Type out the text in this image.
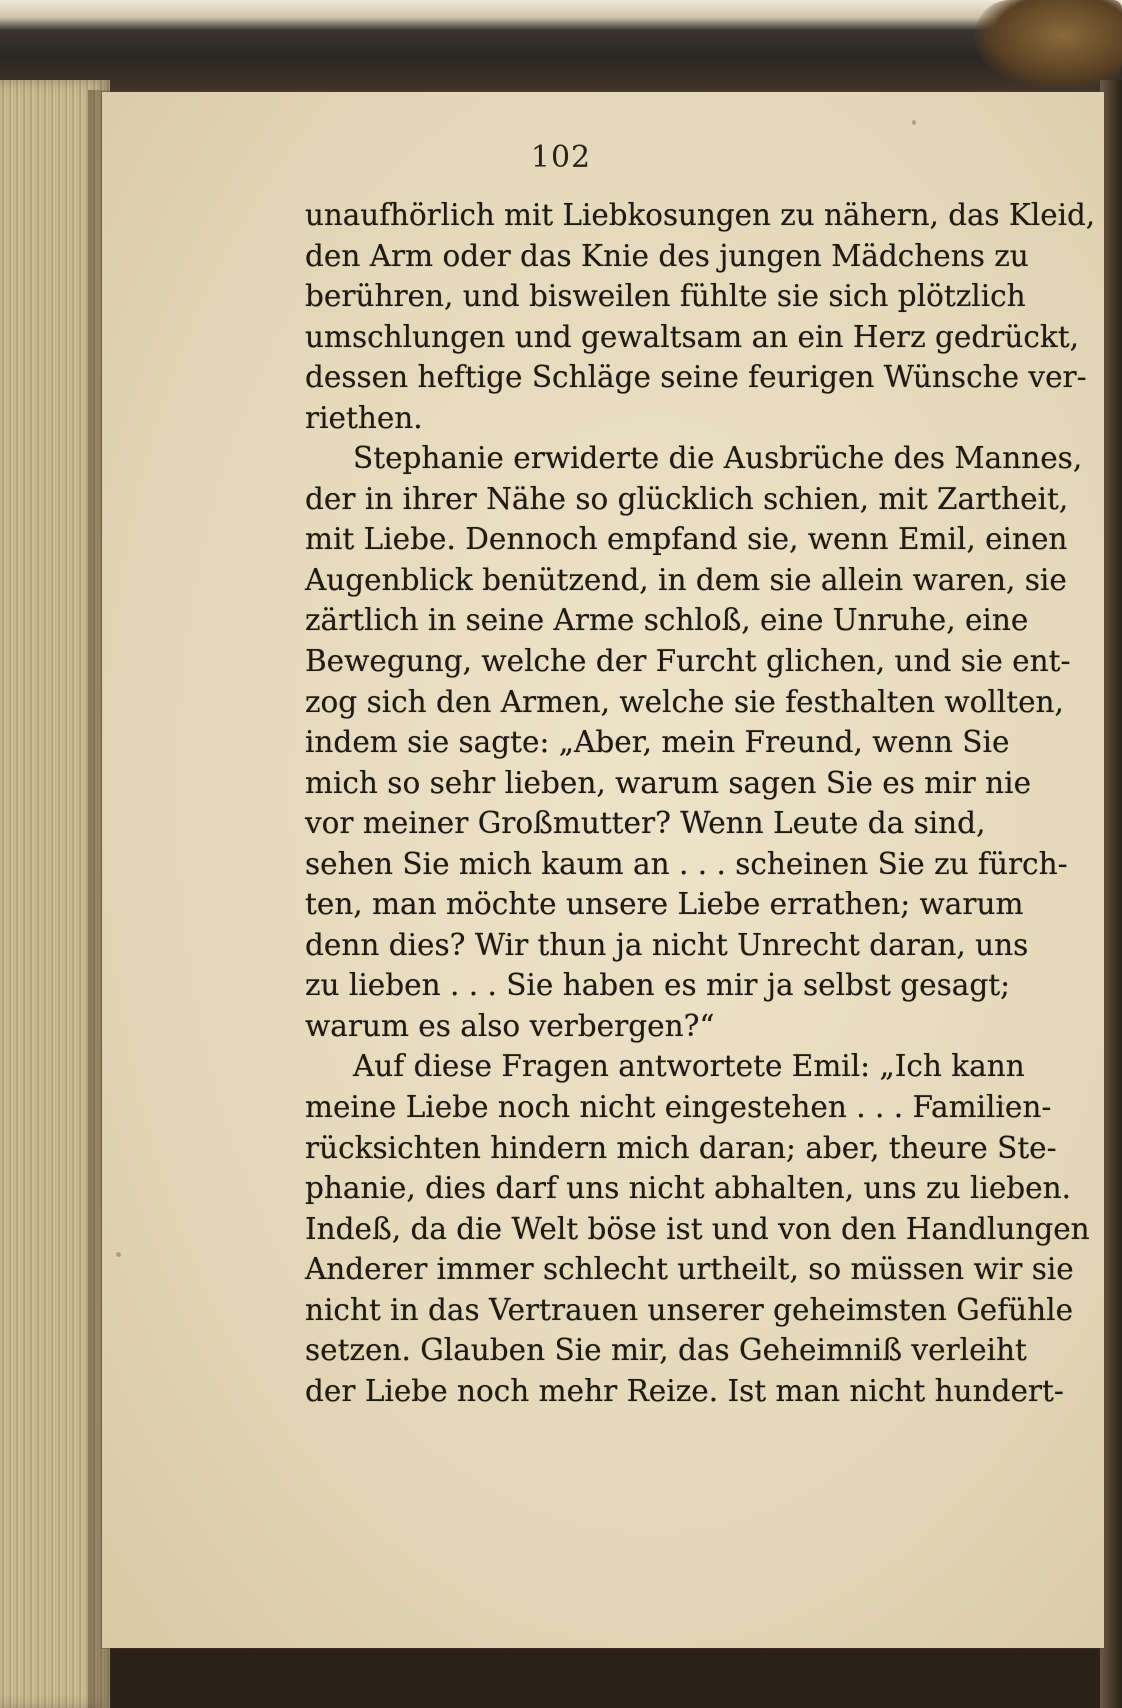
102
unaufhörlich mit Liebkosungen zu nähern, das Kleid,
den Arm oder das Knie des jungen Mädchens zu
berühren, und bisweilen fühlte sie sich plötzlich
umschlungen und gewaltsam an ein Herz gedrückt,
dessen heftige Schläge seine feurigen Wünsche ver-
riethen.
Stephanie erwiderte die Ausbrüche des Mannes,
der in ihrer Nähe so glücklich schien, mit Zartheit,
mit Liebe. Dennoch empfand sie, wenn Emil, einen
Augenblick benützend, in dem sie allein waren, sie
zärtlich in seine Arme schloß, eine Unruhe, eine
Bewegung, welche der Furcht glichen, und sie ent-
zog sich den Armen, welche sie festhalten wollten,
indem sie sagte: „Aber, mein Freund, wenn Sie
mich so sehr lieben, warum sagen Sie es mir nie
vor meiner Großmutter? Wenn Leute da sind,
sehen Sie mich kaum an . . . scheinen Sie zu fürch-
ten, man möchte unsere Liebe errathen; warum
denn dies? Wir thun ja nicht Unrecht daran, uns
zu lieben . . . Sie haben es mir ja selbst gesagt;
warum es also verbergen?“
Auf diese Fragen antwortete Emil: „Ich kann
meine Liebe noch nicht eingestehen . . . Familien-
rücksichten hindern mich daran; aber, theure Ste-
phanie, dies darf uns nicht abhalten, uns zu lieben.
Indeß, da die Welt böse ist und von den Handlungen
Anderer immer schlecht urtheilt, so müssen wir sie
nicht in das Vertrauen unserer geheimsten Gefühle
setzen. Glauben Sie mir, das Geheimniß verleiht
der Liebe noch mehr Reize. Ist man nicht hundert-
